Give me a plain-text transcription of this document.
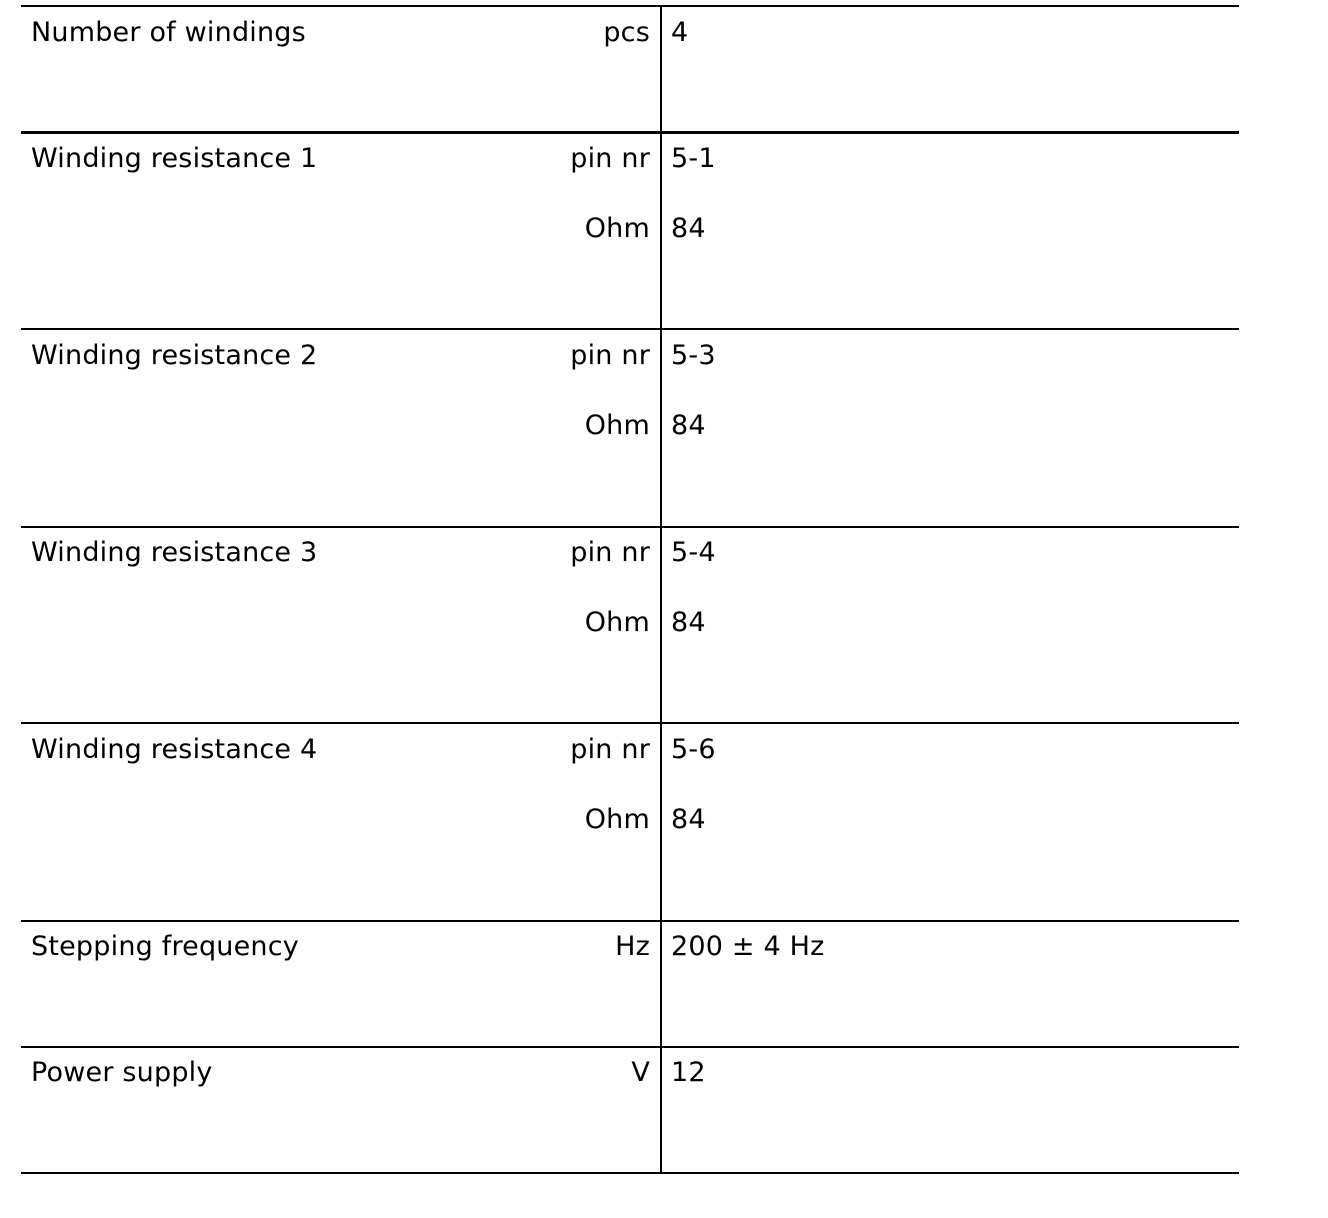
Number of windings	pcs 4
Winding resistance 1	pin nr 5-1
Ohm 84
Winding resistance 2	pin nr 5-3
Ohm 84
Winding resistance 3	pin nr 5-4
Ohm 84
Winding resistance 4	pin nr 5-6
Ohm 84
Stepping frequency	Hz 200 ± 4 Hz
Power supply	V 12
